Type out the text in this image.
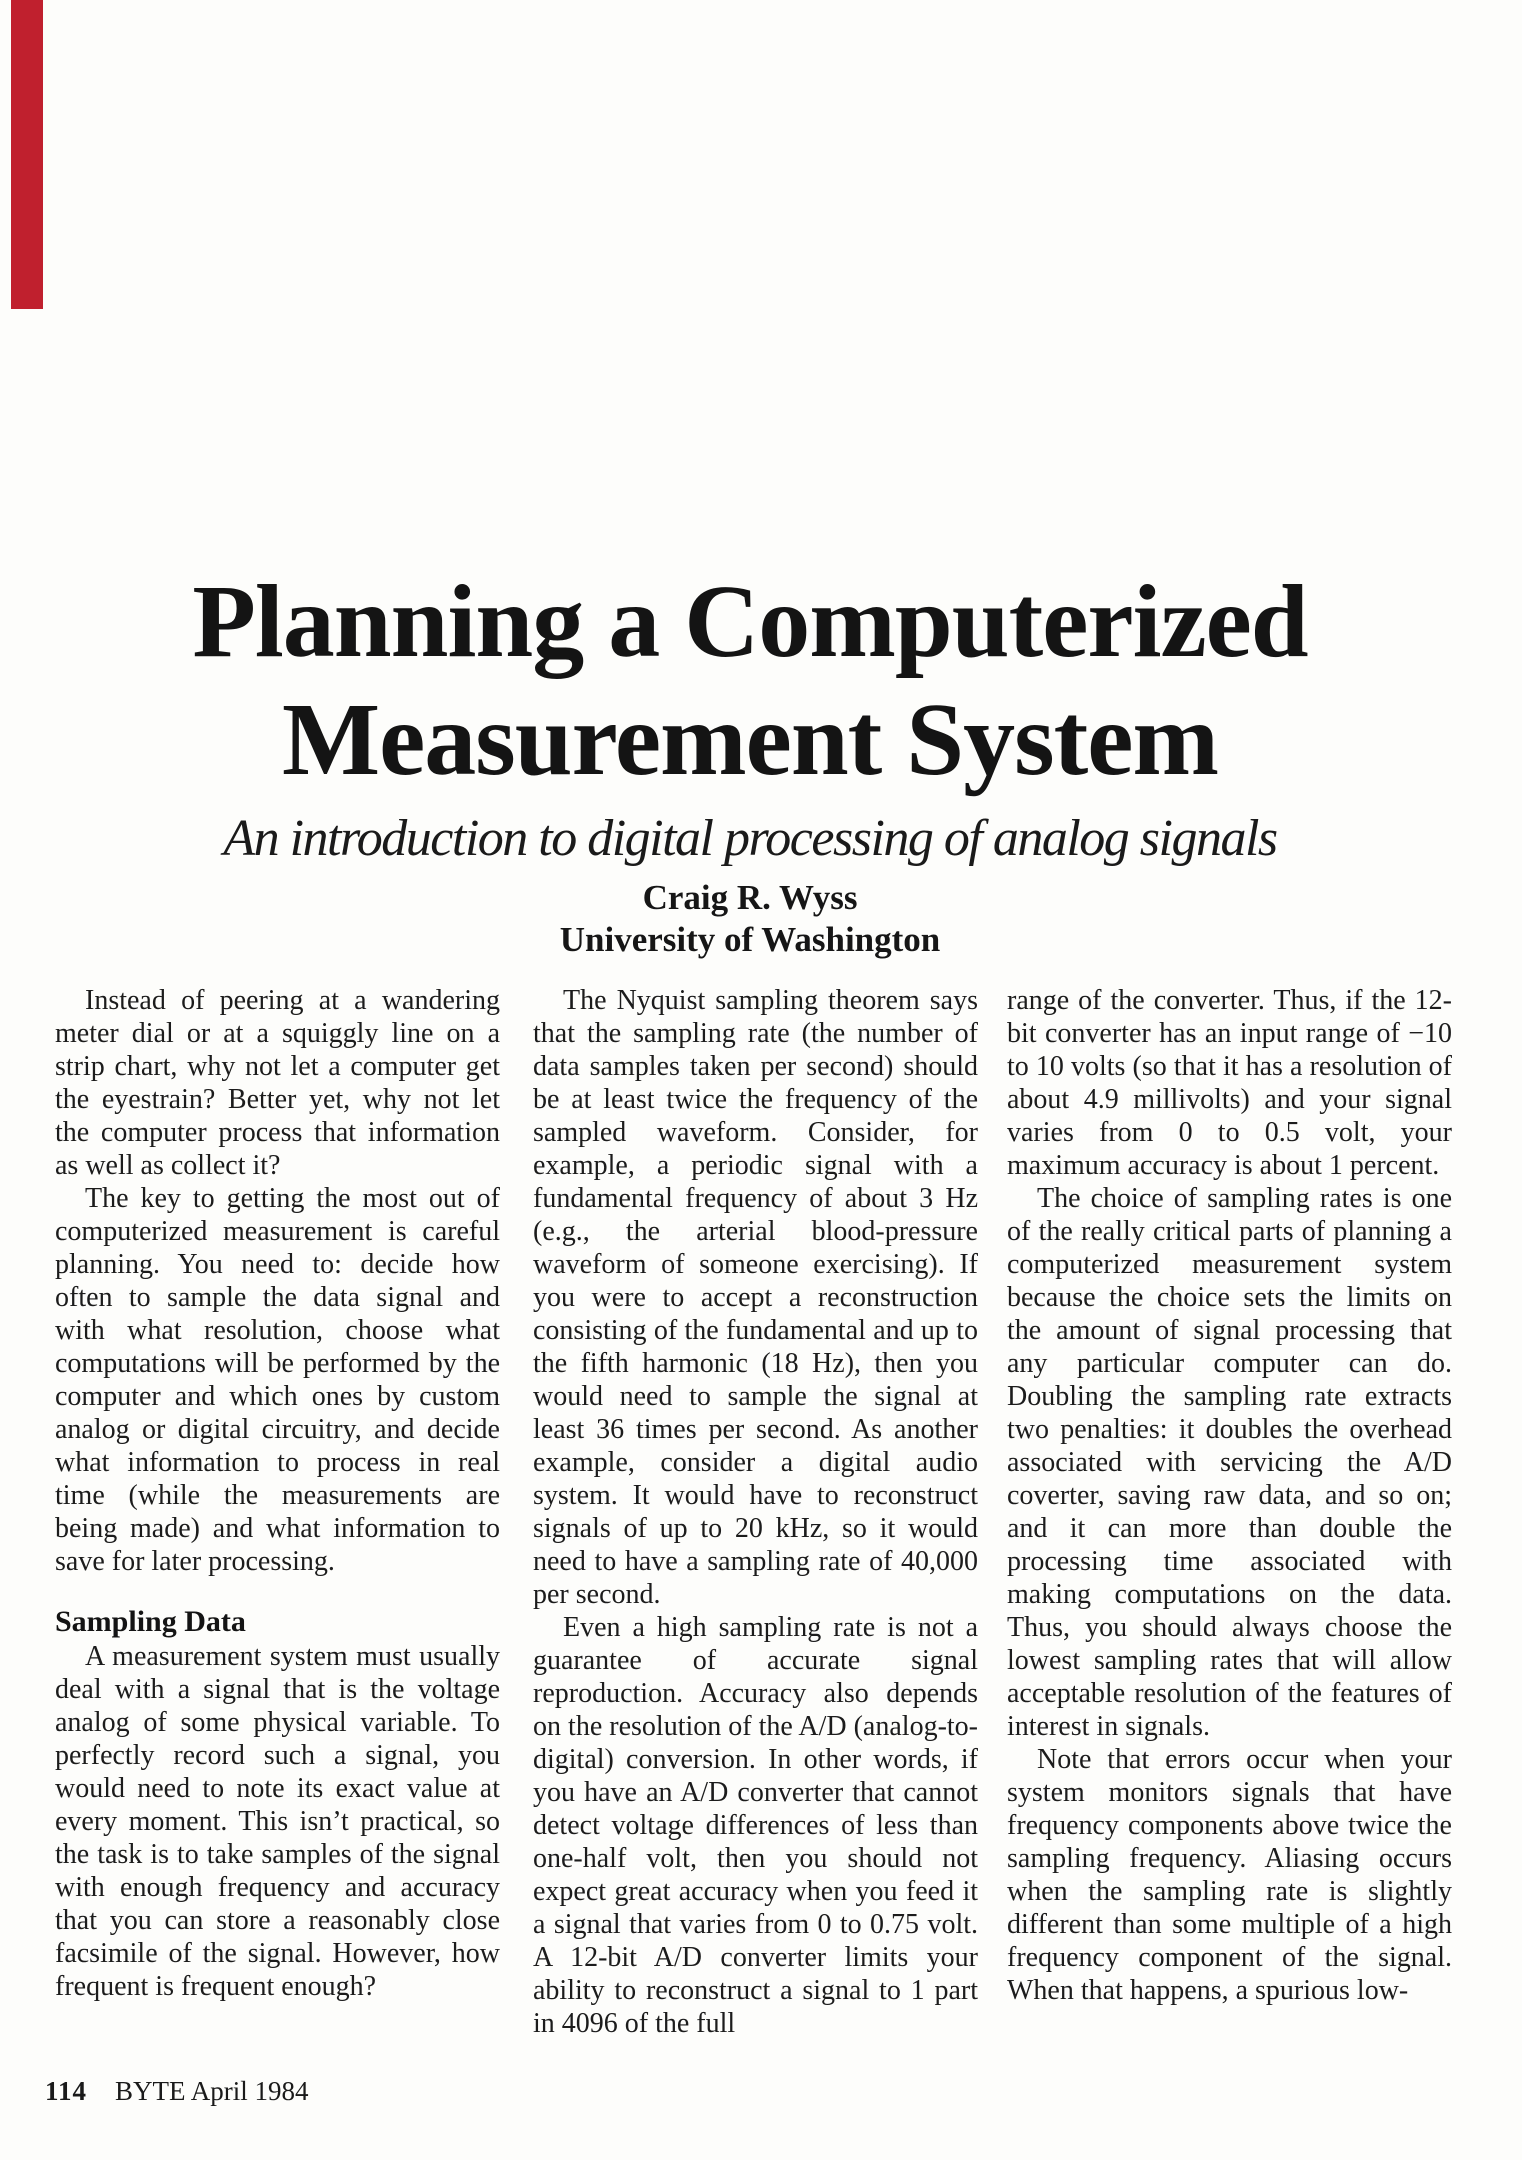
Planning a Computerized
Measurement System
An introduction to digital processing of analog signals
Craig R. Wyss
University of Washington

Instead of peering at a wandering meter dial or at a squiggly line on a strip chart, why not let a computer get the eyestrain? Better yet, why not let the computer process that information as well as collect it?

The key to getting the most out of computerized measurement is careful planning. You need to: decide how often to sample the data signal and with what resolution, choose what computations will be performed by the computer and which ones by custom analog or digital circuitry, and decide what information to process in real time (while the measurements are being made) and what information to save for later processing.

Sampling Data

A measurement system must usually deal with a signal that is the voltage analog of some physical variable. To perfectly record such a signal, you would need to note its exact value at every moment. This isn’t practical, so the task is to take samples of the signal with enough frequency and accuracy that you can store a reasonably close facsimile of the signal. However, how frequent is frequent enough?

The Nyquist sampling theorem says that the sampling rate (the number of data samples taken per second) should be at least twice the frequency of the sampled waveform. Consider, for example, a periodic signal with a fundamental frequency of about 3 Hz (e.g., the arterial blood-pressure waveform of someone exercising). If you were to accept a reconstruction consisting of the fundamental and up to the fifth harmonic (18 Hz), then you would need to sample the signal at least 36 times per second. As another example, consider a digital audio system. It would have to reconstruct signals of up to 20 kHz, so it would need to have a sampling rate of 40,000 per second.

Even a high sampling rate is not a guarantee of accurate signal reproduction. Accuracy also depends on the resolution of the A/D (analog-to-digital) conversion. In other words, if you have an A/D converter that cannot detect voltage differences of less than one-half volt, then you should not expect great accuracy when you feed it a signal that varies from 0 to 0.75 volt. A 12-bit A/D converter limits your ability to reconstruct a signal to 1 part in 4096 of the full

range of the converter. Thus, if the 12-bit converter has an input range of −10 to 10 volts (so that it has a resolution of about 4.9 millivolts) and your signal varies from 0 to 0.5 volt, your maximum accuracy is about 1 percent.

The choice of sampling rates is one of the really critical parts of planning a computerized measurement system because the choice sets the limits on the amount of signal processing that any particular computer can do. Doubling the sampling rate extracts two penalties: it doubles the overhead associated with servicing the A/D coverter, saving raw data, and so on; and it can more than double the processing time associated with making computations on the data. Thus, you should always choose the lowest sampling rates that will allow acceptable resolution of the features of interest in signals.

Note that errors occur when your system monitors signals that have frequency components above twice the sampling frequency. Aliasing occurs when the sampling rate is slightly different than some multiple of a high frequency component of the signal. When that happens, a spurious low-

114 BYTE April 1984
